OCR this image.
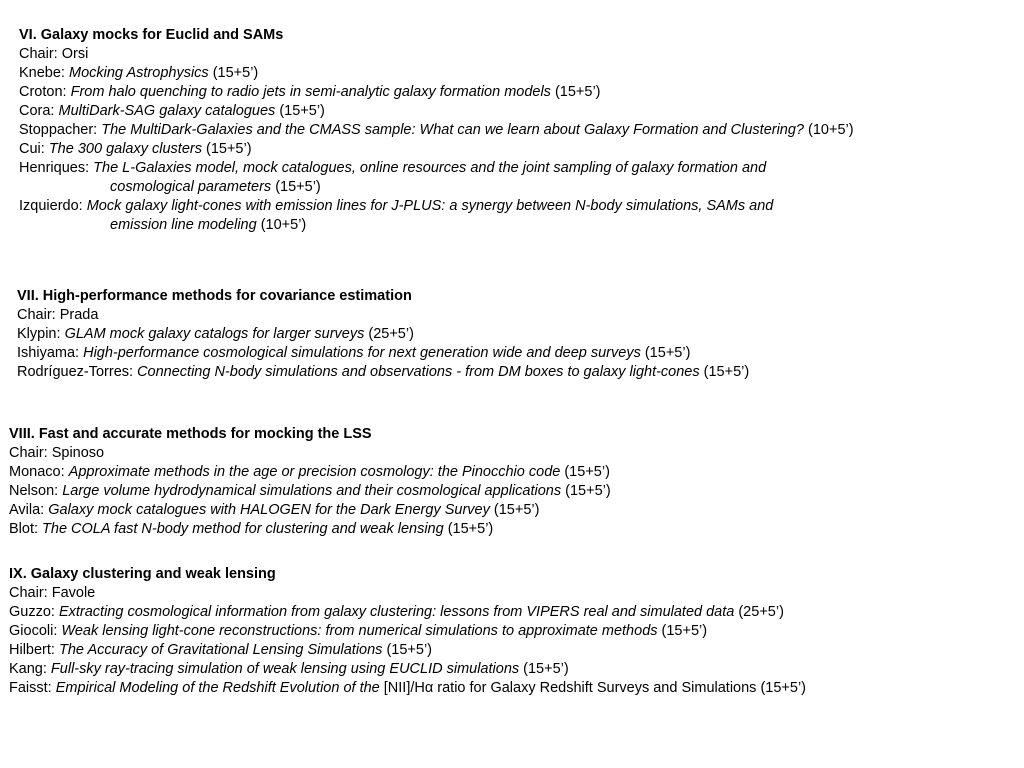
VI. Galaxy mocks for Euclid and SAMs
Chair: Orsi
Knebe: Mocking Astrophysics (15+5’)
Croton: From halo quenching to radio jets in semi-analytic galaxy formation models (15+5’)
Cora: MultiDark-SAG galaxy catalogues (15+5’)
Stoppacher: The MultiDark-Galaxies and the CMASS sample: What can we learn about Galaxy Formation and Clustering? (10+5’)
Cui: The 300 galaxy clusters (15+5’)
Henriques: The L-Galaxies model, mock catalogues, online resources and the joint sampling of galaxy formation and
cosmological parameters (15+5’)
Izquierdo: Mock galaxy light-cones with emission lines for J-PLUS: a synergy between N-body simulations, SAMs and
emission line modeling (10+5’)
VII. High-performance methods for covariance estimation
Chair: Prada
Klypin: GLAM mock galaxy catalogs for larger surveys (25+5’)
Ishiyama: High-performance cosmological simulations for next generation wide and deep surveys (15+5’)
Rodríguez-Torres: Connecting N-body simulations and observations - from DM boxes to galaxy light-cones (15+5’)
VIII. Fast and accurate methods for mocking the LSS
Chair: Spinoso
Monaco: Approximate methods in the age or precision cosmology: the Pinocchio code (15+5’)
Nelson: Large volume hydrodynamical simulations and their cosmological applications (15+5’)
Avila: Galaxy mock catalogues with HALOGEN for the Dark Energy Survey (15+5’)
Blot: The COLA fast N-body method for clustering and weak lensing (15+5’)
IX. Galaxy clustering and weak lensing
Chair: Favole
Guzzo: Extracting cosmological information from galaxy clustering: lessons from VIPERS real and simulated data (25+5’)
Giocoli: Weak lensing light-cone reconstructions: from numerical simulations to approximate methods (15+5’)
Hilbert: The Accuracy of Gravitational Lensing Simulations (15+5’)
Kang: Full-sky ray-tracing simulation of weak lensing using EUCLID simulations (15+5’)
Faisst: Empirical Modeling of the Redshift Evolution of the [NII]/Hα ratio for Galaxy Redshift Surveys and Simulations (15+5’)
